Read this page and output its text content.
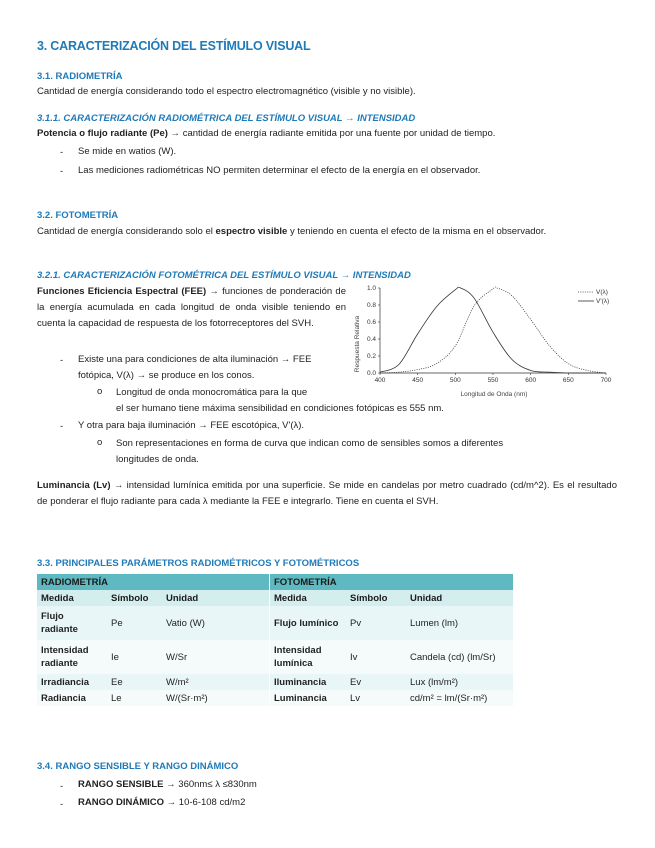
3. CARACTERIZACIÓN DEL ESTÍMULO VISUAL
3.1. RADIOMETRÍA
Cantidad de energía considerando todo el espectro electromagnético (visible y no visible).
3.1.1. CARACTERIZACIÓN RADIOMÉTRICA DEL ESTÍMULO VISUAL → INTENSIDAD
Potencia o flujo radiante (Pe) → cantidad de energía radiante emitida por una fuente por unidad de tiempo.
- Se mide en watios (W).
- Las mediciones radiométricas NO permiten determinar el efecto de la energía en el observador.
3.2. FOTOMETRÍA
Cantidad de energía considerando solo el espectro visible y teniendo en cuenta el efecto de la misma en el observador.
3.2.1. CARACTERIZACIÓN FOTOMÉTRICA DEL ESTÍMULO VISUAL → INTENSIDAD
Funciones Eficiencia Espectral (FEE) → funciones de ponderación de la energía acumulada en cada longitud de onda visible teniendo en cuenta la capacidad de respuesta de los fotorreceptores del SVH.
- Existe una para condiciones de alta iluminación → FEE
fotópica, V(λ) → se produce en los conos.
o Longitud de onda monocromática para la que
el ser humano tiene máxima sensibilidad en condiciones fotópicas es 555 nm.
- Y otra para baja iluminación → FEE escotópica, V'(λ).
o Son representaciones en forma de curva que indican como de sensibles somos a diferentes
longitudes de onda.
Luminancia (Lv) → intensidad lumínica emitida por una superficie. Se mide en candelas por metro cuadrado (cd/m^2). Es el resultado de ponderar el flujo radiante para cada λ mediante la FEE e integrarlo. Tiene en cuenta el SVH.
400	450	500	550	600	650	700
0.0
0.2
0.4
0.6
0.8
1.0
V(λ)
V'(λ)
Respuesta Relativa
Longitud de Onda (nm)
3.3. PRINCIPALES PARÁMETROS RADIOMÉTRICOS Y FOTOMÉTRICOS
RADIOMETRÍA			FOTOMETRÍA		
Medida	Símbolo	Unidad	Medida	Símbolo	Unidad
Flujo radiante	Pe	Vatio (W)	Flujo lumínico	Pv	Lumen (lm)
Intensidad radiante	Ie	W/Sr	Intensidad lumínica	Iv	Candela (cd) (lm/Sr)
Irradiancia	Ee	W/m²	Iluminancia	Ev	Lux (lm/m²)
Radiancia	Le	W/(Sr·m²)	Luminancia	Lv	cd/m² = lm/(Sr·m²)
3.4. RANGO SENSIBLE Y RANGO DINÁMICO
- RANGO SENSIBLE → 360nm≤ λ ≤830nm
- RANGO DINÁMICO → 10-6-108 cd/m2
